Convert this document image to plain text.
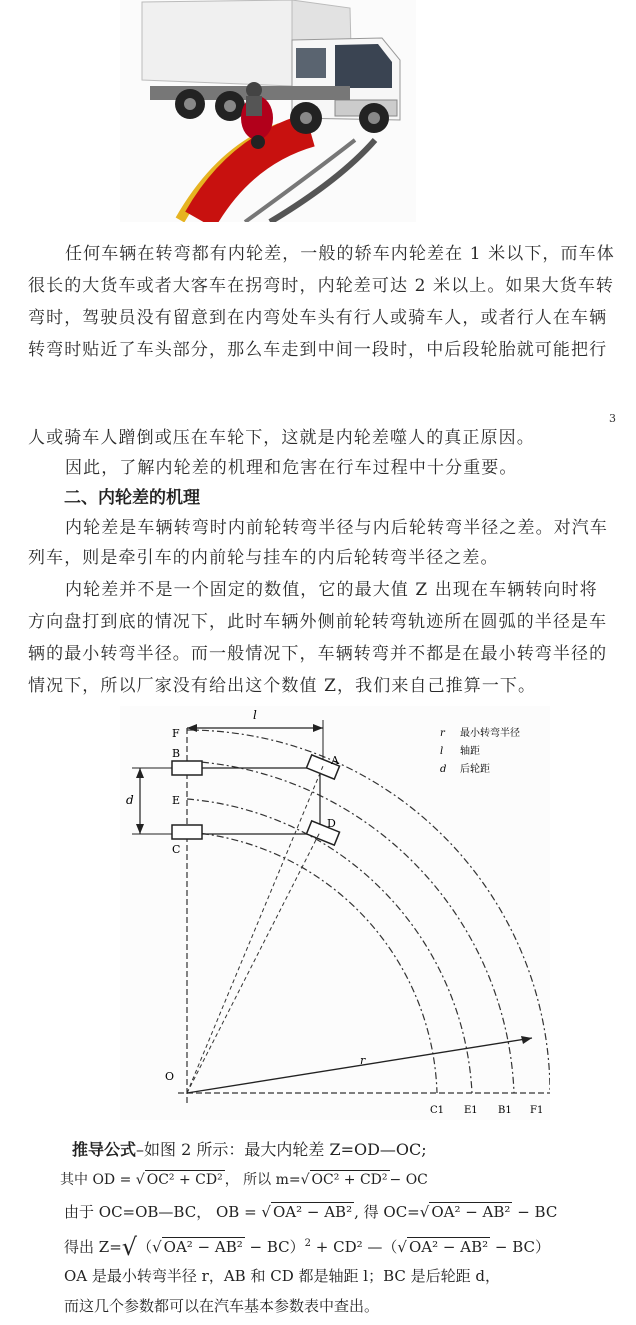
任何车辆在转弯都有内轮差，一般的轿车内轮差在 1 米以下，而车体
很长的大货车或者大客车在拐弯时，内轮差可达 2 米以上。如果大货车转
弯时，驾驶员没有留意到在内弯处车头有行人或骑车人，或者行人在车辆
转弯时贴近了车头部分，那么车走到中间一段时，中后段轮胎就可能把行
3
人或骑车人蹭倒或压在车轮下，这就是内轮差噬人的真正原因。
因此，了解内轮差的机理和危害在行车过程中十分重要。
二、内轮差的机理
内轮差是车辆转弯时内前轮转弯半径与内后轮转弯半径之差。对汽车
列车，则是牵引车的内前轮与挂车的内后轮转弯半径之差。
内轮差并不是一个固定的数值，它的最大值 Z 出现在车辆转向时将
方向盘打到底的情况下，此时车辆外侧前轮转弯轨迹所在圆弧的半径是车
辆的最小转弯半径。而一般情况下，车辆转弯并不都是在最小转弯半径的
情况下，所以厂家没有给出这个数值 Z，我们来自己推算一下。
F
B
E
C
A
D
O
l
d
r
C1 E1 B1 F1
r 最小转弯半径
l 轴距
d 后轮距
推导公式–如图 2 所示：最大内轮差 Z=OD—OC;
其中 OD = √ OC² + CD² ， 所以 m=√ OC² + CD² − OC
由于 OC=OB—BC， OB = √ OA² − AB² , 得 OC=√ OA² − AB² − BC
得出 Z=√（√ OA² − AB² − BC）$^2$ + CD² —（√ OA² − AB² − BC）
OA 是最小转弯半径 r，AB 和 CD 都是轴距 l；BC 是后轮距 d，
而这几个参数都可以在汽车基本参数表中查出。
